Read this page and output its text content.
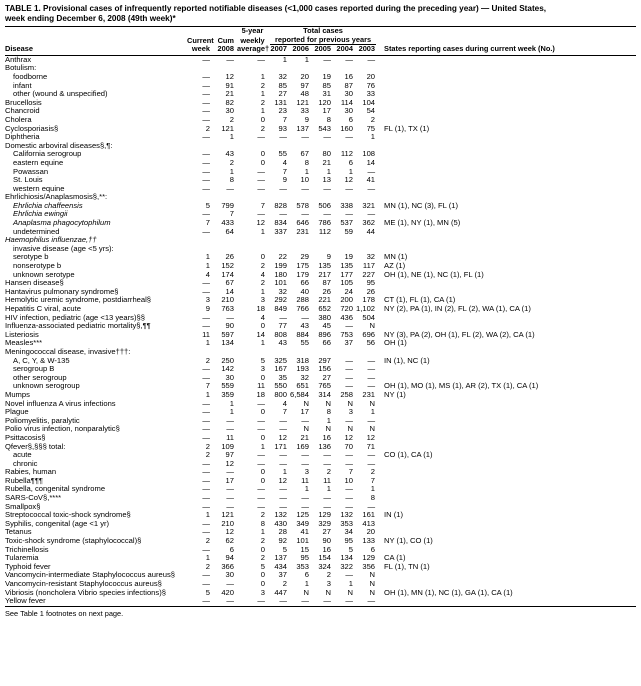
TABLE 1. Provisional cases of infrequently reported notifiable diseases (<1,000 cases reported during the preceding year) — United States,
week ending December 6, 2008 (49th week)*
			5-year	Total cases					

	Current	Cum	weekly	reported for previous years					

Disease	week	2008	average†	2007	2006	2005	2004	2003	States reporting cases during current week (No.)
Anthrax	—	—	—	1	1	—	—	—	
Botulism:									
foodborne	—	12	1	32	20	19	16	20	
infant	—	91	2	85	97	85	87	76	
other (wound & unspecified)	—	21	1	27	48	31	30	33	
Brucellosis	—	82	2	131	121	120	114	104	
Chancroid	—	30	1	23	33	17	30	54	
Cholera	—	2	0	7	9	8	6	2	
Cyclosporiasis§	2	121	2	93	137	543	160	75	FL (1), TX (1)
Diphtheria	—	1	—	—	—	—	—	1	
Domestic arboviral diseases§,¶:									
California serogroup	—	43	0	55	67	80	112	108	
eastern equine	—	2	0	4	8	21	6	14	
Powassan	—	1	—	7	1	1	1	—	
St. Louis	—	8	—	9	10	13	12	41	
western equine	—	—	—	—	—	—	—	—	
Ehrlichiosis/Anaplasmosis§,**:									
Ehrlichia chaffeensis	5	799	7	828	578	506	338	321	MN (1), NC (3), FL (1)
Ehrlichia ewingii	—	7	—	—	—	—	—	—	
Anaplasma phagocytophilum	7	433	12	834	646	786	537	362	ME (1), NY (1), MN (5)
undetermined	—	64	1	337	231	112	59	44	
Haemophilus influenzae,††									
invasive disease (age <5 yrs):									
serotype b	1	26	0	22	29	9	19	32	MN (1)
nonserotype b	1	152	2	199	175	135	135	117	AZ (1)
unknown serotype	4	174	4	180	179	217	177	227	OH (1), NE (1), NC (1), FL (1)
Hansen disease§	—	67	2	101	66	87	105	95	
Hantavirus pulmonary syndrome§	—	14	1	32	40	26	24	26	
Hemolytic uremic syndrome, postdiarrheal§	3	210	3	292	288	221	200	178	CT (1), FL (1), CA (1)
Hepatitis C viral, acute	9	763	18	849	766	652	720	1,102	NY (2), PA (1), IN (2), FL (2), WA (1), CA (1)
HIV infection, pediatric (age <13 years)§§	—	—	4	—	—	380	436	504	
Influenza-associated pediatric mortality§,¶¶	—	90	0	77	43	45	—	N	
Listeriosis	11	597	14	808	884	896	753	696	NY (3), PA (2), OH (1), FL (2), WA (2), CA (1)
Measles***	1	134	1	43	55	66	37	56	OH (1)
Meningococcal disease, invasive†††:									
A, C, Y, & W-135	2	250	5	325	318	297	—	—	IN (1), NC (1)
serogroup B	—	142	3	167	193	156	—	—	
other serogroup	—	30	0	35	32	27	—	—	
unknown serogroup	7	559	11	550	651	765	—	—	OH (1), MO (1), MS (1), AR (2), TX (1), CA (1)
Mumps	1	359	18	800	6,584	314	258	231	NY (1)
Novel influenza A virus infections	—	1	—	4	N	N	N	N	
Plague	—	1	0	7	17	8	3	1	
Poliomyelitis, paralytic	—	—	—	—	—	1	—	—	
Polio virus infection, nonparalytic§	—	—	—	—	N	N	N	N	
Psittacosis§	—	11	0	12	21	16	12	12	
Qfever§,§§§ total:	2	109	1	171	169	136	70	71	
acute	2	97	—	—	—	—	—	—	CO (1), CA (1)
chronic	—	12	—	—	—	—	—	—	
Rabies, human	—	—	0	1	3	2	7	2	
Rubella¶¶¶	—	17	0	12	11	11	10	7	
Rubella, congenital syndrome	—	—	—	—	1	1	—	1	
SARS-CoV§,****	—	—	—	—	—	—	—	8	
Smallpox§	—	—	—	—	—	—	—	—	
Streptococcal toxic-shock syndrome§	1	121	2	132	125	129	132	161	IN (1)
Syphilis, congenital (age <1 yr)	—	210	8	430	349	329	353	413	
Tetanus	—	12	1	28	41	27	34	20	
Toxic-shock syndrome (staphylococcal)§	2	62	2	92	101	90	95	133	NY (1), CO (1)
Trichinellosis	—	6	0	5	15	16	5	6	
Tularemia	1	94	2	137	95	154	134	129	CA (1)
Typhoid fever	2	366	5	434	353	324	322	356	FL (1), TN (1)
Vancomycin-intermediate Staphylococcus aureus§	—	30	0	37	6	2	—	N	
Vancomycin-resistant Staphylococcus aureus§	—	—	0	2	1	3	1	N	
Vibriosis (noncholera Vibrio species infections)§	5	420	3	447	N	N	N	N	OH (1), MN (1), NC (1), GA (1), CA (1)
Yellow fever	—	—	—	—	—	—	—	—	
See Table 1 footnotes on next page.
